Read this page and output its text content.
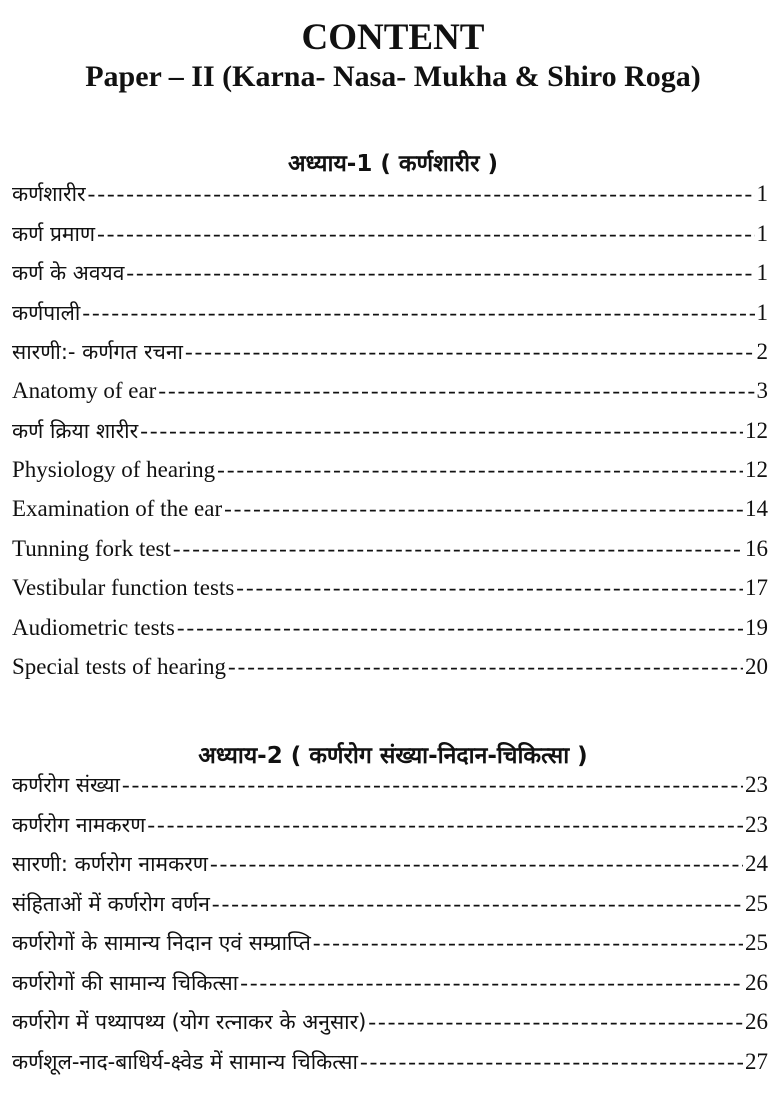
CONTENT
Paper – II (Karna- Nasa- Mukha & Shiro Roga)
अध्याय-1 ( कर्णशारीर )
कर्णशारीर -----	1
कर्ण प्रमाण -----	1
कर्ण के अवयव -----	1
कर्णपाली -----	1
सारणी:- कर्णगत रचना -----	2
Anatomy of ear -----	3
कर्ण क्रिया शारीर -----	12
Physiology of hearing -----	12
Examination of the ear -----	14
Tunning fork test -----	16
Vestibular function tests -----	17
Audiometric tests -----	19
Special tests of hearing -----	20
अध्याय-2 ( कर्णरोग संख्या-निदान-चिकित्सा )
कर्णरोग संख्या -----	23
कर्णरोग नामकरण -----	23
सारणी: कर्णरोग नामकरण -----	24
संहिताओं में कर्णरोग वर्णन -----	25
कर्णरोगों के सामान्य निदान एवं सम्प्राप्ति -----	25
कर्णरोगों की सामान्य चिकित्सा -----	26
कर्णरोग में पथ्यापथ्य (योग रत्नाकर के अनुसार) -----	26
कर्णशूल-नाद-बाधिर्य-क्ष्वेड में सामान्य चिकित्सा -----	27
